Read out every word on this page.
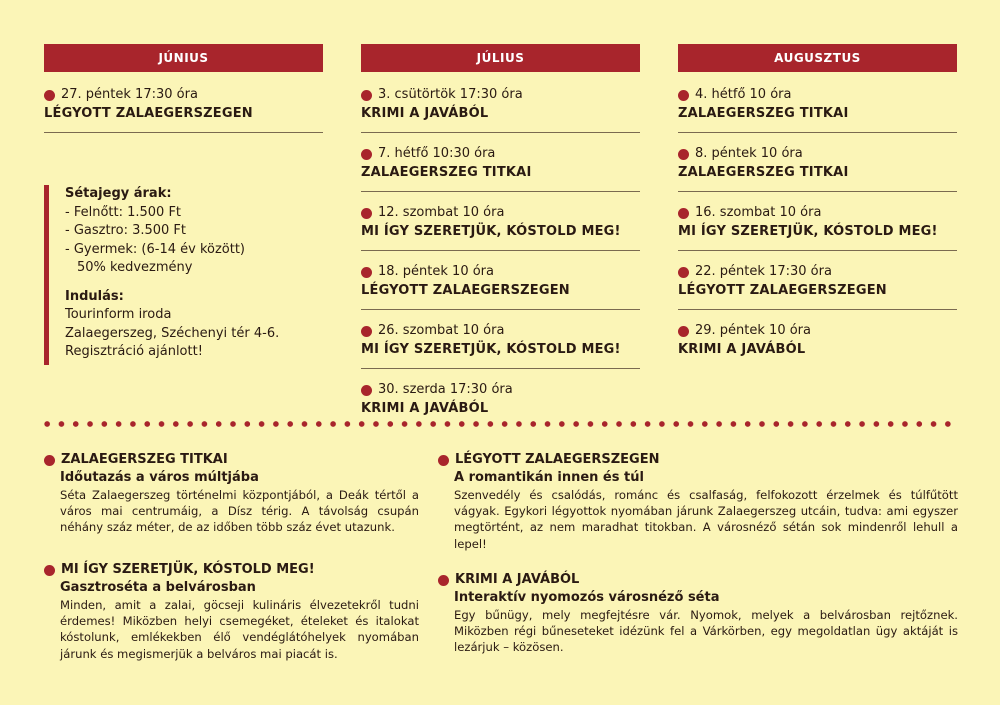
JÚNIUS
27. péntek 17:30 óra
LÉGYOTT ZALAEGERSZEGEN
JÚLIUS
3. csütörtök 17:30 óra
KRIMI A JAVÁBÓL
7. hétfő 10:30 óra
ZALAEGERSZEG TITKAI
12. szombat 10 óra
MI ÍGY SZERETJÜK, KÓSTOLD MEG!
18. péntek 10 óra
LÉGYOTT ZALAEGERSZEGEN
26. szombat 10 óra
MI ÍGY SZERETJÜK, KÓSTOLD MEG!
30. szerda 17:30 óra
KRIMI A JAVÁBÓL
AUGUSZTUS
4. hétfő 10 óra
ZALAEGERSZEG TITKAI
8. péntek 10 óra
ZALAEGERSZEG TITKAI
16. szombat 10 óra
MI ÍGY SZERETJÜK, KÓSTOLD MEG!
22. péntek 17:30 óra
LÉGYOTT ZALAEGERSZEGEN
29. péntek 10 óra
KRIMI A JAVÁBÓL
Sétajegy árak:
- Felnőtt: 1.500 Ft
- Gasztro: 3.500 Ft
- Gyermek: (6-14 év között)
50% kedvezmény
Indulás:
Tourinform iroda
Zalaegerszeg, Széchenyi tér 4-6.
Regisztráció ajánlott!
ZALAEGERSZEG TITKAI
Időutazás a város múltjába
Séta Zalaegerszeg történelmi központjából, a Deák tértől a város mai centrumáig, a Dísz térig. A távolság csupán néhány száz méter, de az időben több száz évet utazunk.
MI ÍGY SZERETJÜK, KÓSTOLD MEG!
Gasztroséta a belvárosban
Minden, amit a zalai, göcseji kulináris élvezetekről tudni érdemes! Miközben helyi csemegéket, ételeket és italokat kóstolunk, emlékekben élő vendéglátóhelyek nyomában járunk és megismerjük a belváros mai piacát is.
LÉGYOTT ZALAEGERSZEGEN
A romantikán innen és túl
Szenvedély és csalódás, románc és csalfaság, felfokozott érzelmek és túlfűtött vágyak. Egykori légyottok nyomában járunk Zalaegerszeg utcáin, tudva: ami egyszer megtörtént, az nem maradhat titokban. A városnéző sétán sok mindenről lehull a lepel!
KRIMI A JAVÁBÓL
Interaktív nyomozós városnéző séta
Egy bűnügy, mely megfejtésre vár. Nyomok, melyek a belvárosban rejtőznek. Miközben régi bűneseteket idézünk fel a Várkörben, egy megoldatlan ügy aktáját is lezárjuk – közösen.
